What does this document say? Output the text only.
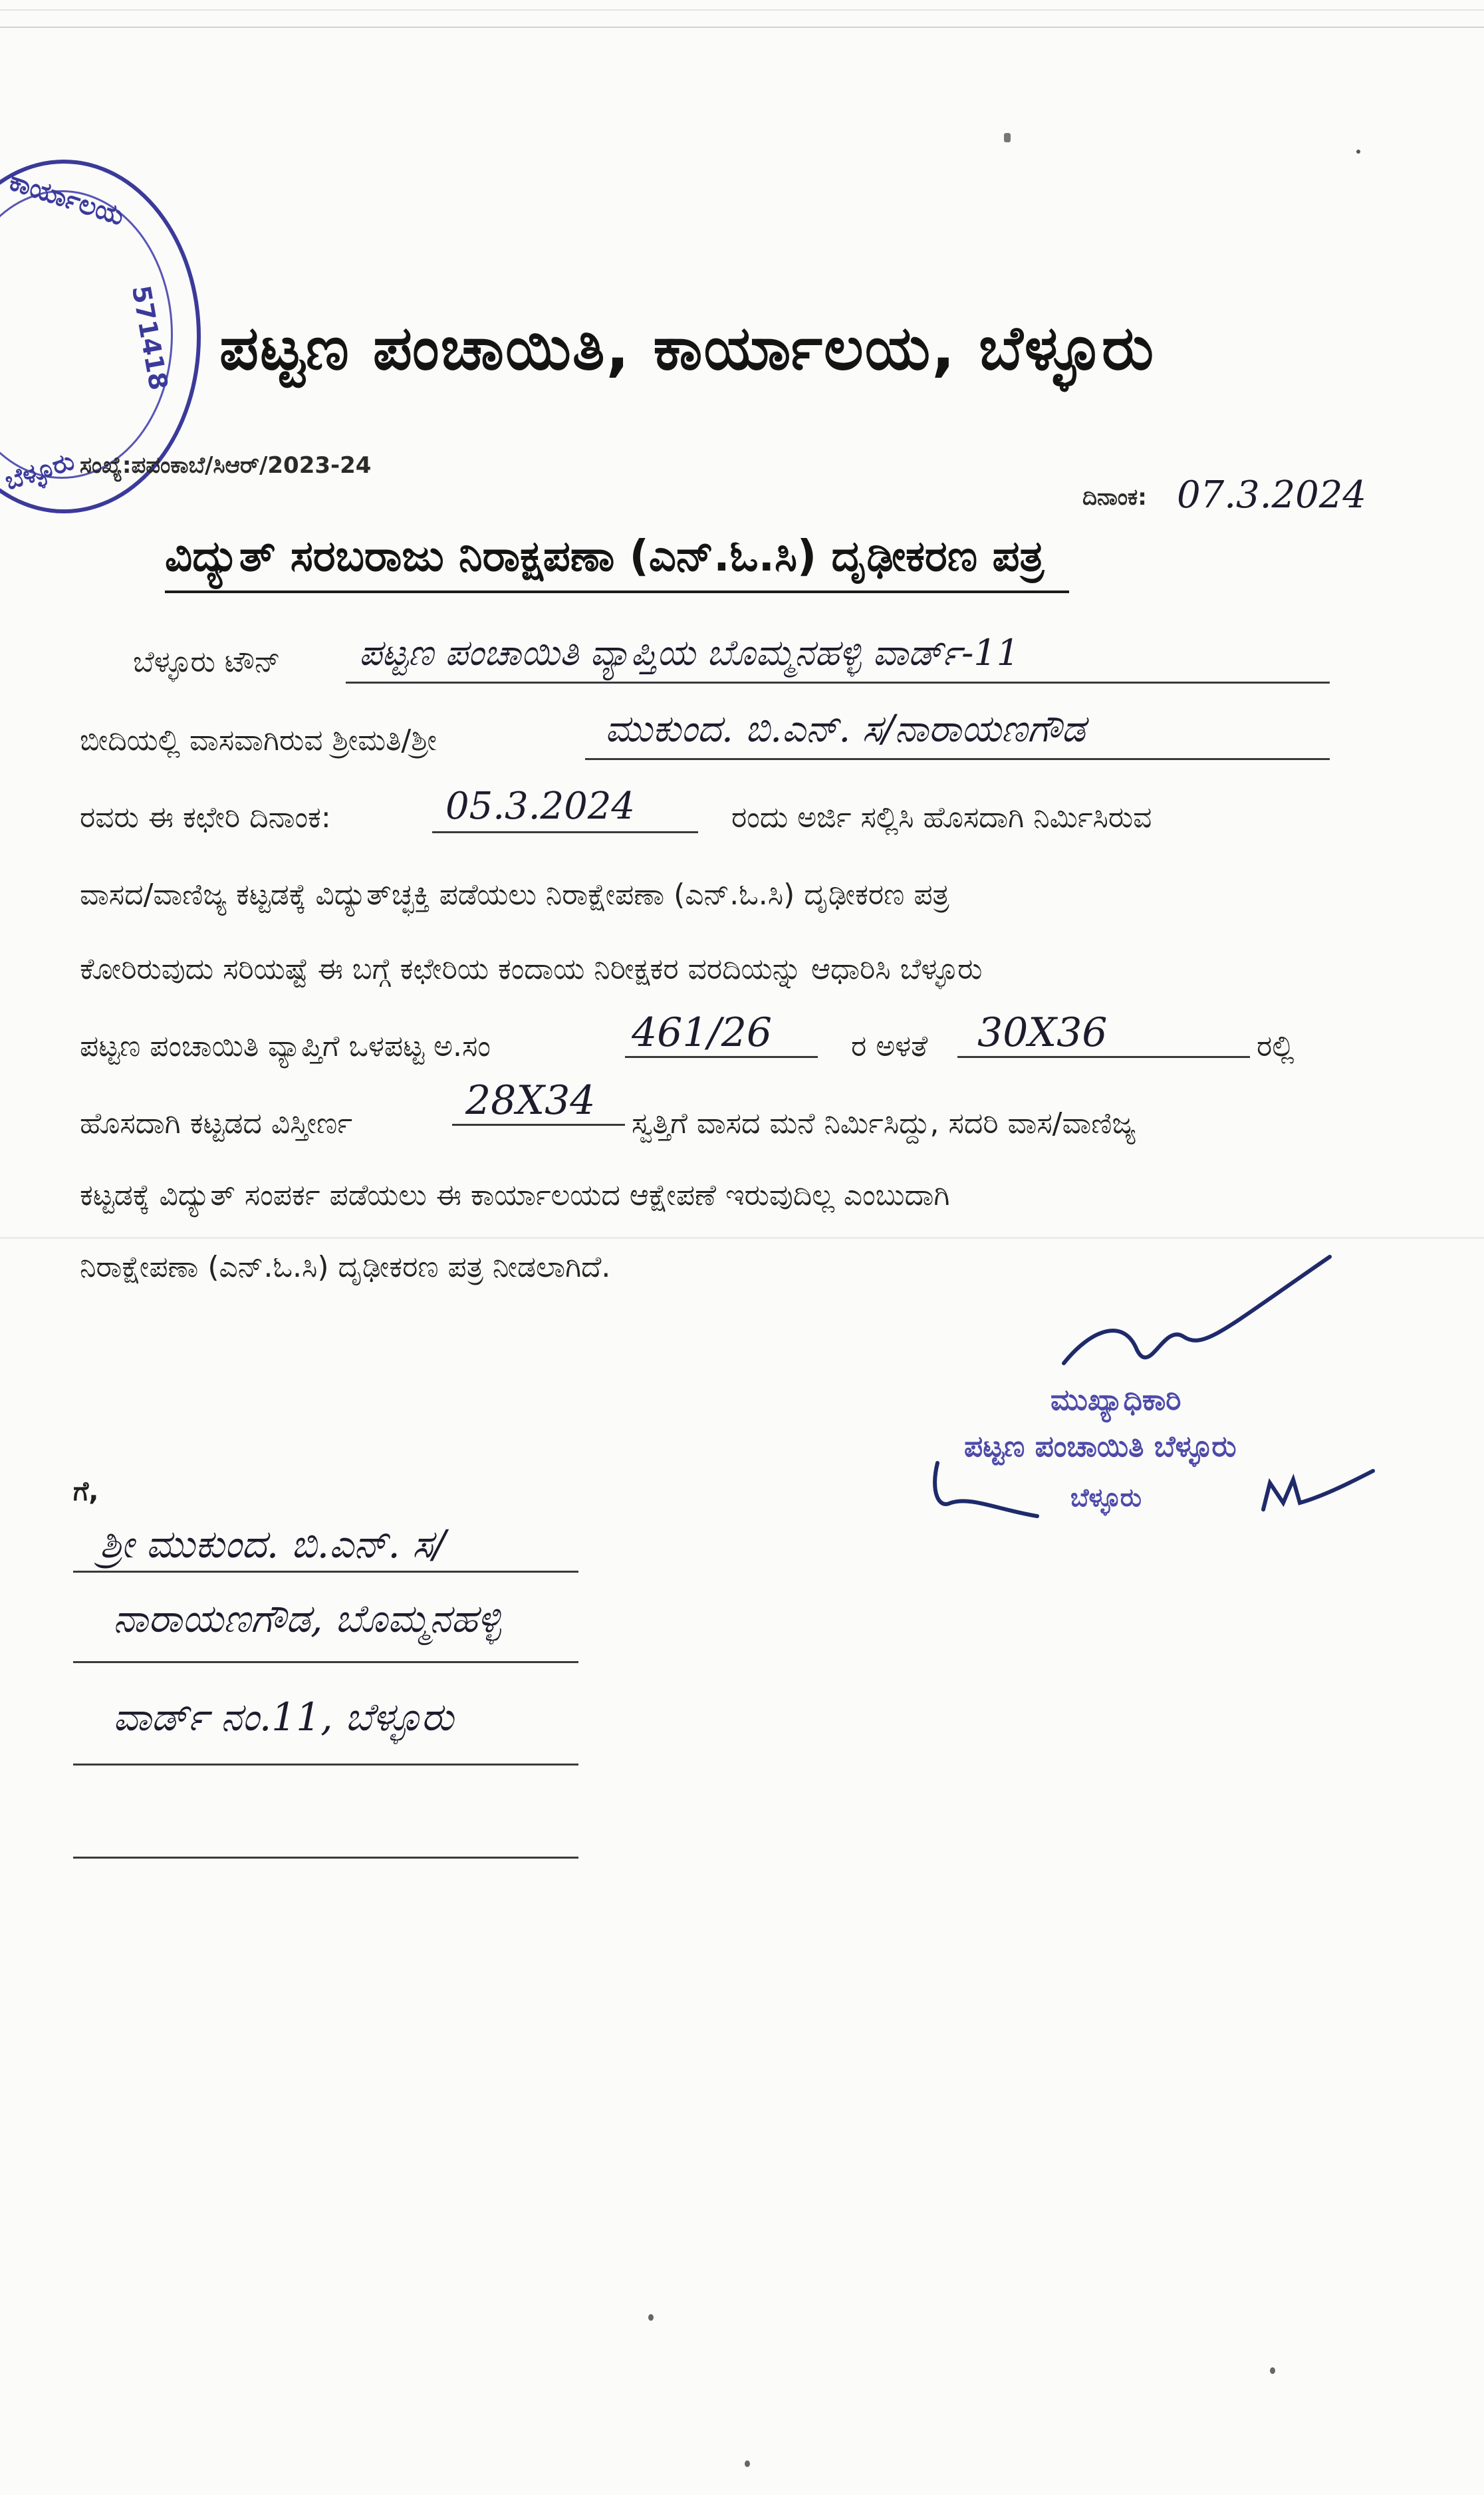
ಕಾರ್ಯಾಲಯ
571418
ಬೆಳ್ಳೂರು
ಪಟ್ಟಣ ಪಂಚಾಯಿತಿ, ಕಾರ್ಯಾಲಯ, ಬೆಳ್ಳೂರು
ಸಂಖ್ಯೆ:ಪಪಂಕಾಬೆ/ಸಿಆರ್/2023-24
ದಿನಾಂಕ: 07.3.2024
ವಿದ್ಯುತ್ ಸರಬರಾಜು ನಿರಾಕ್ಷಪಣಾ (ಎನ್.ಓ.ಸಿ) ದೃಢೀಕರಣ ಪತ್ರ
ಬೆಳ್ಳೂರು ಟೌನ್ ಪಟ್ಟಣ ಪಂಚಾಯಿತಿ ವ್ಯಾಪ್ತಿಯ ಬೊಮ್ಮನಹಳ್ಳಿ ವಾರ್ಡ್-11
ಬೀದಿಯಲ್ಲಿ ವಾಸವಾಗಿರುವ ಶ್ರೀಮತಿ/ಶ್ರೀ	ಮುಕುಂದ. ಬಿ.ಎನ್. ಸ/ನಾರಾಯಣಗೌಡ
ರವರು ಈ ಕಛೇರಿ ದಿನಾಂಕ:	05.3.2024	ರಂದು ಅರ್ಜಿ ಸಲ್ಲಿಸಿ ಹೊಸದಾಗಿ ನಿರ್ಮಿಸಿರುವ
ವಾಸದ/ವಾಣಿಜ್ಯ ಕಟ್ಟಡಕ್ಕೆ ವಿದ್ಯುತ್‌ಚ್ಛಕ್ತಿ ಪಡೆಯಲು ನಿರಾಕ್ಷೇಪಣಾ (ಎನ್.ಓ.ಸಿ) ದೃಢೀಕರಣ ಪತ್ರ
ಕೋರಿರುವುದು ಸರಿಯಷ್ಟೆ ಈ ಬಗ್ಗೆ ಕಛೇರಿಯ ಕಂದಾಯ ನಿರೀಕ್ಷಕರ ವರದಿಯನ್ನು ಆಧಾರಿಸಿ ಬೆಳ್ಳೂರು
ಪಟ್ಟಣ ಪಂಚಾಯಿತಿ ವ್ಯಾಪ್ತಿಗೆ ಒಳಪಟ್ಟ ಅ.ಸಂ	461/26	ರ ಅಳತೆ 30X36	ರಲ್ಲಿ
ಹೊಸದಾಗಿ ಕಟ್ಟಡದ ವಿಸ್ತೀರ್ಣ	28X34 ಸ್ವತ್ತಿಗೆ ವಾಸದ ಮನೆ ನಿರ್ಮಿಸಿದ್ದು, ಸದರಿ ವಾಸ/ವಾಣಿಜ್ಯ
ಕಟ್ಟಡಕ್ಕೆ ವಿದ್ಯುತ್ ಸಂಪರ್ಕ ಪಡೆಯಲು ಈ ಕಾರ್ಯಾಲಯದ ಆಕ್ಷೇಪಣೆ ಇರುವುದಿಲ್ಲ ಎಂಬುದಾಗಿ
ನಿರಾಕ್ಷೇಪಣಾ (ಎನ್.ಓ.ಸಿ) ದೃಢೀಕರಣ ಪತ್ರ ನೀಡಲಾಗಿದೆ.
ಮುಖ್ಯಾಧಿಕಾರಿ
ಪಟ್ಟಣ ಪಂಚಾಯಿತಿ ಬೆಳ್ಳೂರು
ಬೆಳ್ಳೂರು
ಗೆ,
ಶ್ರೀ ಮುಕುಂದ. ಬಿ.ಎನ್. ಸ/
ನಾರಾಯಣಗೌಡ, ಬೊಮ್ಮನಹಳ್ಳಿ
ವಾರ್ಡ್ ನಂ.11, ಬೆಳ್ಳೂರು
